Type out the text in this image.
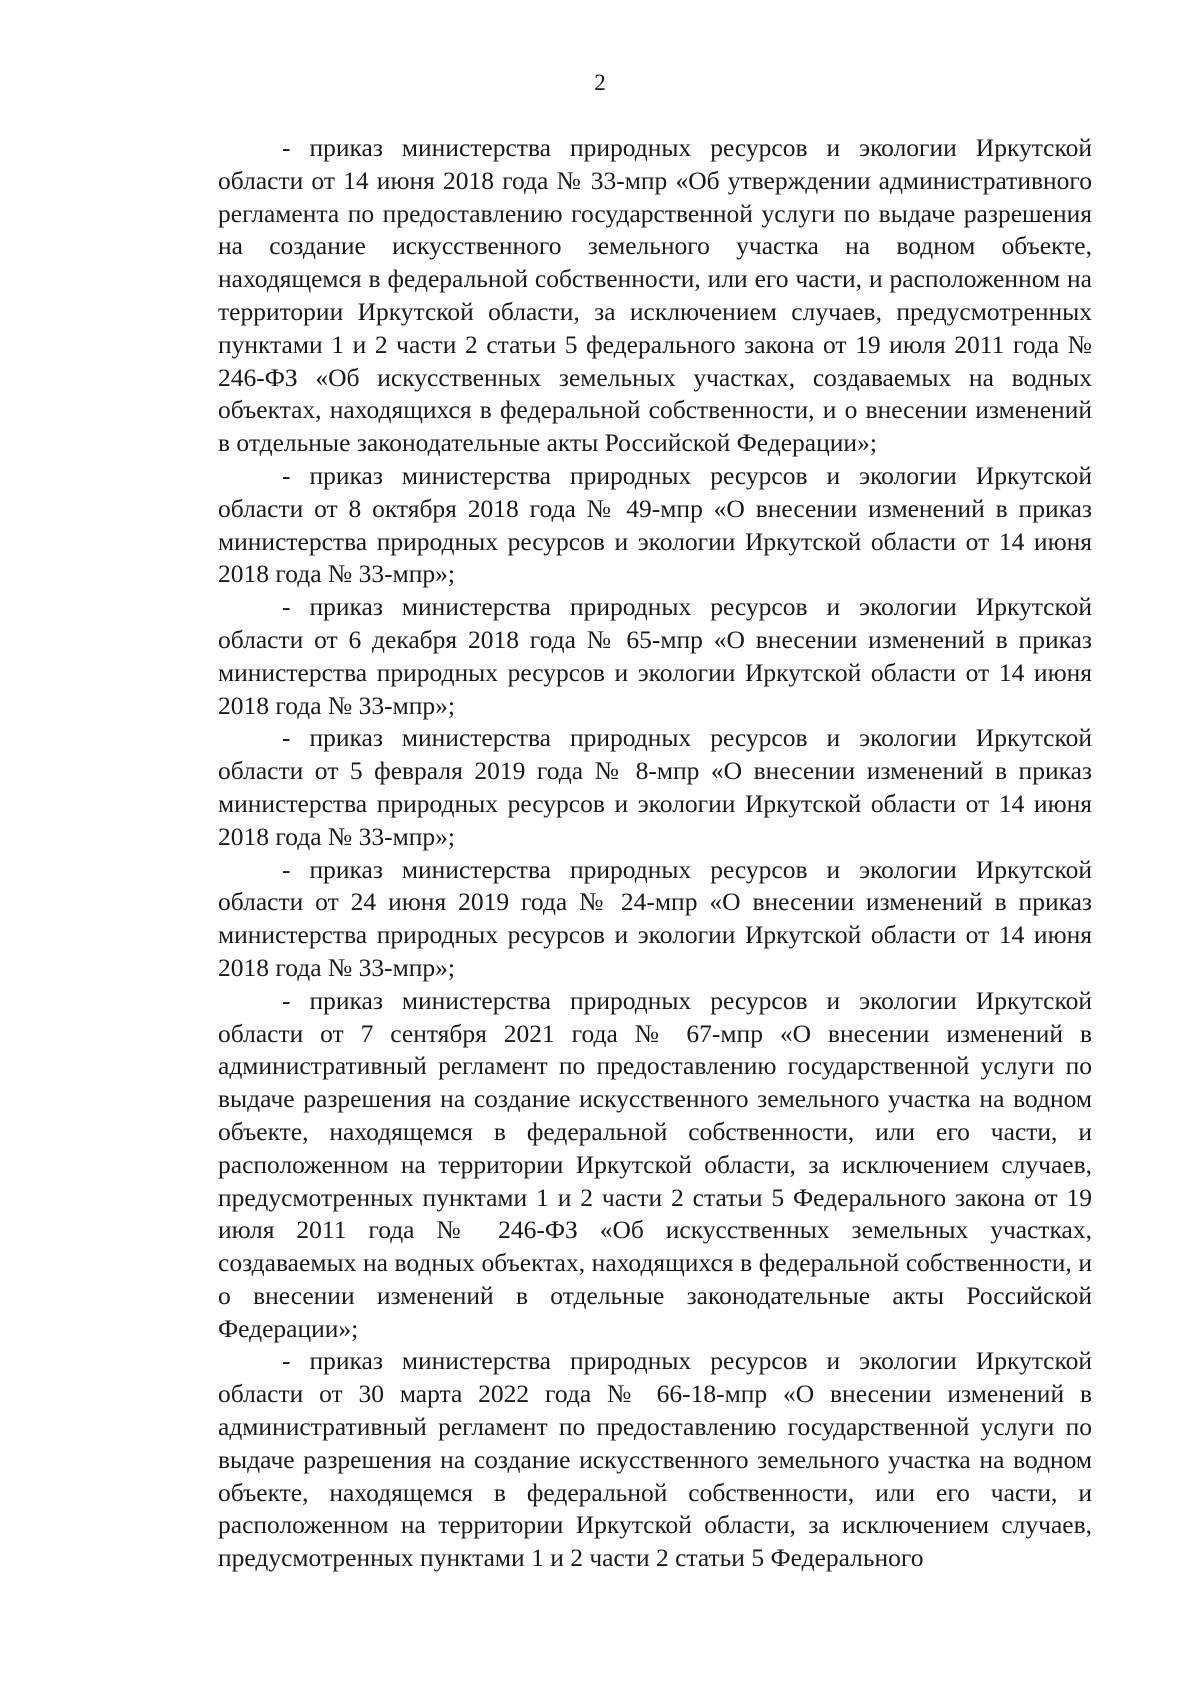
2

- приказ министерства природных ресурсов и экологии Иркутской области от 14 июня 2018 года № 33-мпр «Об утверждении административного регламента по предоставлению государственной услуги по выдаче разрешения на создание искусственного земельного участка на водном объекте, находящемся в федеральной собственности, или его части, и расположенном на территории Иркутской области, за исключением случаев, предусмотренных пунктами 1 и 2 части 2 статьи 5 федерального закона от 19 июля 2011 года № 246-ФЗ «Об искусственных земельных участках, создаваемых на водных объектах, находящихся в федеральной собственности, и о внесении изменений в отдельные законодательные акты Российской Федерации»;

- приказ министерства природных ресурсов и экологии Иркутской области от 8 октября 2018 года № 49-мпр «О внесении изменений в приказ министерства природных ресурсов и экологии Иркутской области от 14 июня 2018 года № 33-мпр»;

- приказ министерства природных ресурсов и экологии Иркутской области от 6 декабря 2018 года № 65-мпр «О внесении изменений в приказ министерства природных ресурсов и экологии Иркутской области от 14 июня 2018 года № 33-мпр»;

- приказ министерства природных ресурсов и экологии Иркутской области от 5 февраля 2019 года № 8-мпр «О внесении изменений в приказ министерства природных ресурсов и экологии Иркутской области от 14 июня 2018 года № 33-мпр»;

- приказ министерства природных ресурсов и экологии Иркутской области от 24 июня 2019 года № 24-мпр «О внесении изменений в приказ министерства природных ресурсов и экологии Иркутской области от 14 июня 2018 года № 33-мпр»;

- приказ министерства природных ресурсов и экологии Иркутской области от 7 сентября 2021 года № 67-мпр «О внесении изменений в административный регламент по предоставлению государственной услуги по выдаче разрешения на создание искусственного земельного участка на водном объекте, находящемся в федеральной собственности, или его части, и расположенном на территории Иркутской области, за исключением случаев, предусмотренных пунктами 1 и 2 части 2 статьи 5 Федерального закона от 19 июля 2011 года № 246-ФЗ «Об искусственных земельных участках, создаваемых на водных объектах, находящихся в федеральной собственности, и о внесении изменений в отдельные законодательные акты Российской Федерации»;

- приказ министерства природных ресурсов и экологии Иркутской области от 30 марта 2022 года № 66-18-мпр «О внесении изменений в административный регламент по предоставлению государственной услуги по выдаче разрешения на создание искусственного земельного участка на водном объекте, находящемся в федеральной собственности, или его части, и расположенном на территории Иркутской области, за исключением случаев, предусмотренных пунктами 1 и 2 части 2 статьи 5 Федерального
